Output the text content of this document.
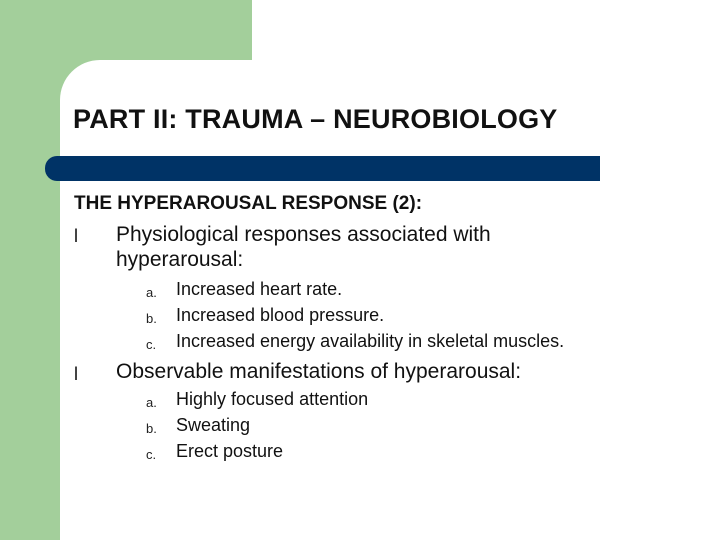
PART II: TRAUMA – NEUROBIOLOGY
THE HYPERAROUSAL RESPONSE (2):
l Physiological responses associated with hyperarousal:
a. Increased heart rate.
b. Increased blood pressure.
c. Increased energy availability in skeletal muscles.
l Observable manifestations of hyperarousal:
a. Highly focused attention
b. Sweating
c. Erect posture
